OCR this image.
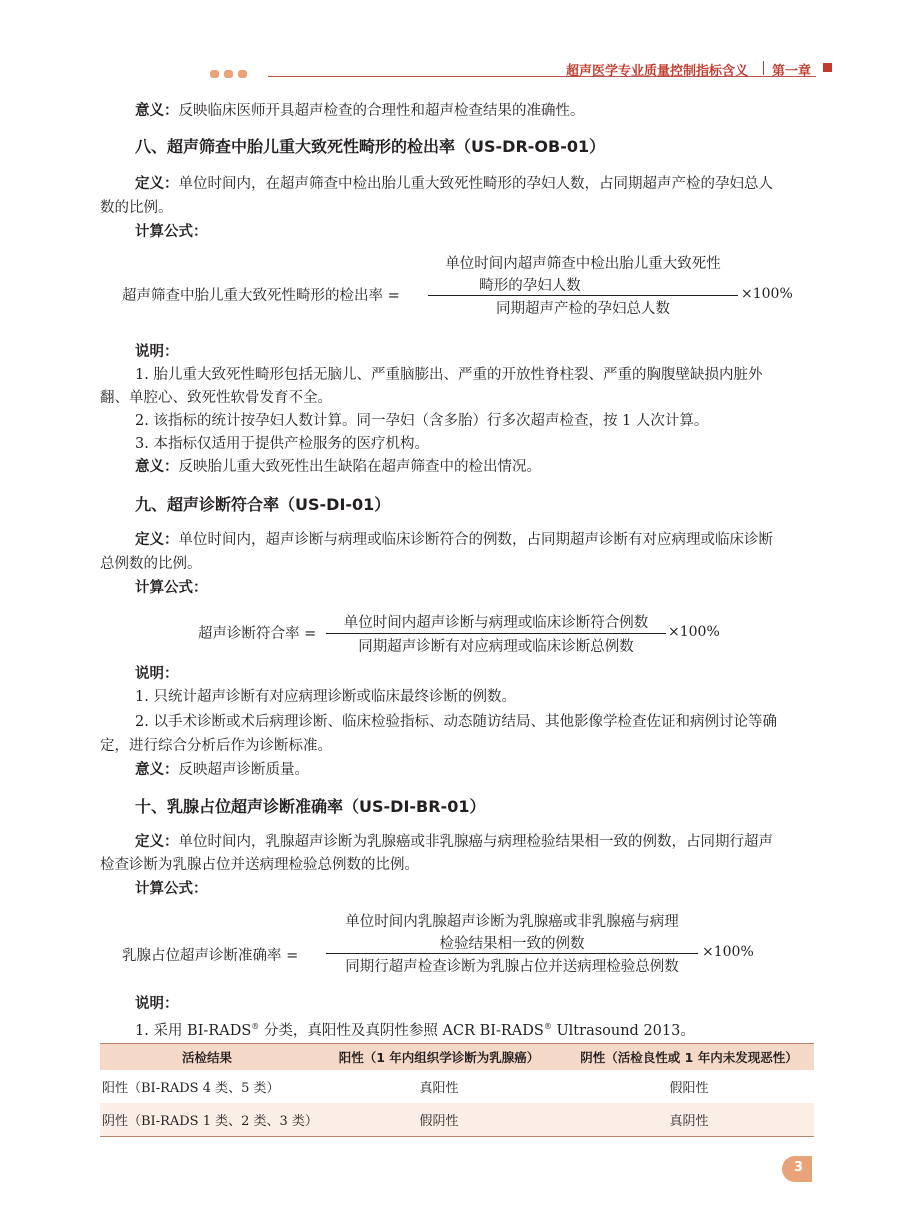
超声医学专业质量控制指标含义 第一章
意义：反映临床医师开具超声检查的合理性和超声检查结果的准确性。
八、超声筛查中胎儿重大致死性畸形的检出率（US-DR-OB-01）
定义：单位时间内，在超声筛查中检出胎儿重大致死性畸形的孕妇人数，占同期超声产检的孕妇总人
数的比例。
计算公式：
超声筛查中胎儿重大致死性畸形的检出率 =
单位时间内超声筛查中检出胎儿重大致死性
畸形的孕妇人数
同期超声产检的孕妇总人数
×100%
说明：
1. 胎儿重大致死性畸形包括无脑儿、严重脑膨出、严重的开放性脊柱裂、严重的胸腹壁缺损内脏外
翻、单腔心、致死性软骨发育不全。
2. 该指标的统计按孕妇人数计算。同一孕妇（含多胎）行多次超声检查，按 1 人次计算。
3. 本指标仅适用于提供产检服务的医疗机构。
意义：反映胎儿重大致死性出生缺陷在超声筛查中的检出情况。
九、超声诊断符合率（US-DI-01）
定义：单位时间内，超声诊断与病理或临床诊断符合的例数，占同期超声诊断有对应病理或临床诊断
总例数的比例。
计算公式：
超声诊断符合率 =
单位时间内超声诊断与病理或临床诊断符合例数
同期超声诊断有对应病理或临床诊断总例数
×100%
说明：
1. 只统计超声诊断有对应病理诊断或临床最终诊断的例数。
2. 以手术诊断或术后病理诊断、临床检验指标、动态随访结局、其他影像学检查佐证和病例讨论等确
定，进行综合分析后作为诊断标准。
意义：反映超声诊断质量。
十、乳腺占位超声诊断准确率（US-DI-BR-01）
定义：单位时间内，乳腺超声诊断为乳腺癌或非乳腺癌与病理检验结果相一致的例数，占同期行超声
检查诊断为乳腺占位并送病理检验总例数的比例。
计算公式：
乳腺占位超声诊断准确率 =
单位时间内乳腺超声诊断为乳腺癌或非乳腺癌与病理
检验结果相一致的例数
同期行超声检查诊断为乳腺占位并送病理检验总例数
×100%
说明：
1. 采用 BI-RADS® 分类，真阳性及真阴性参照 ACR BI-RADS® Ultrasound 2013。
活检结果	阳性（1 年内组织学诊断为乳腺癌）	阴性（活检良性或 1 年内未发现恶性）
阳性（BI-RADS 4 类、5 类）	真阳性	假阳性
阴性（BI-RADS 1 类、2 类、3 类）	假阴性	真阴性
3
